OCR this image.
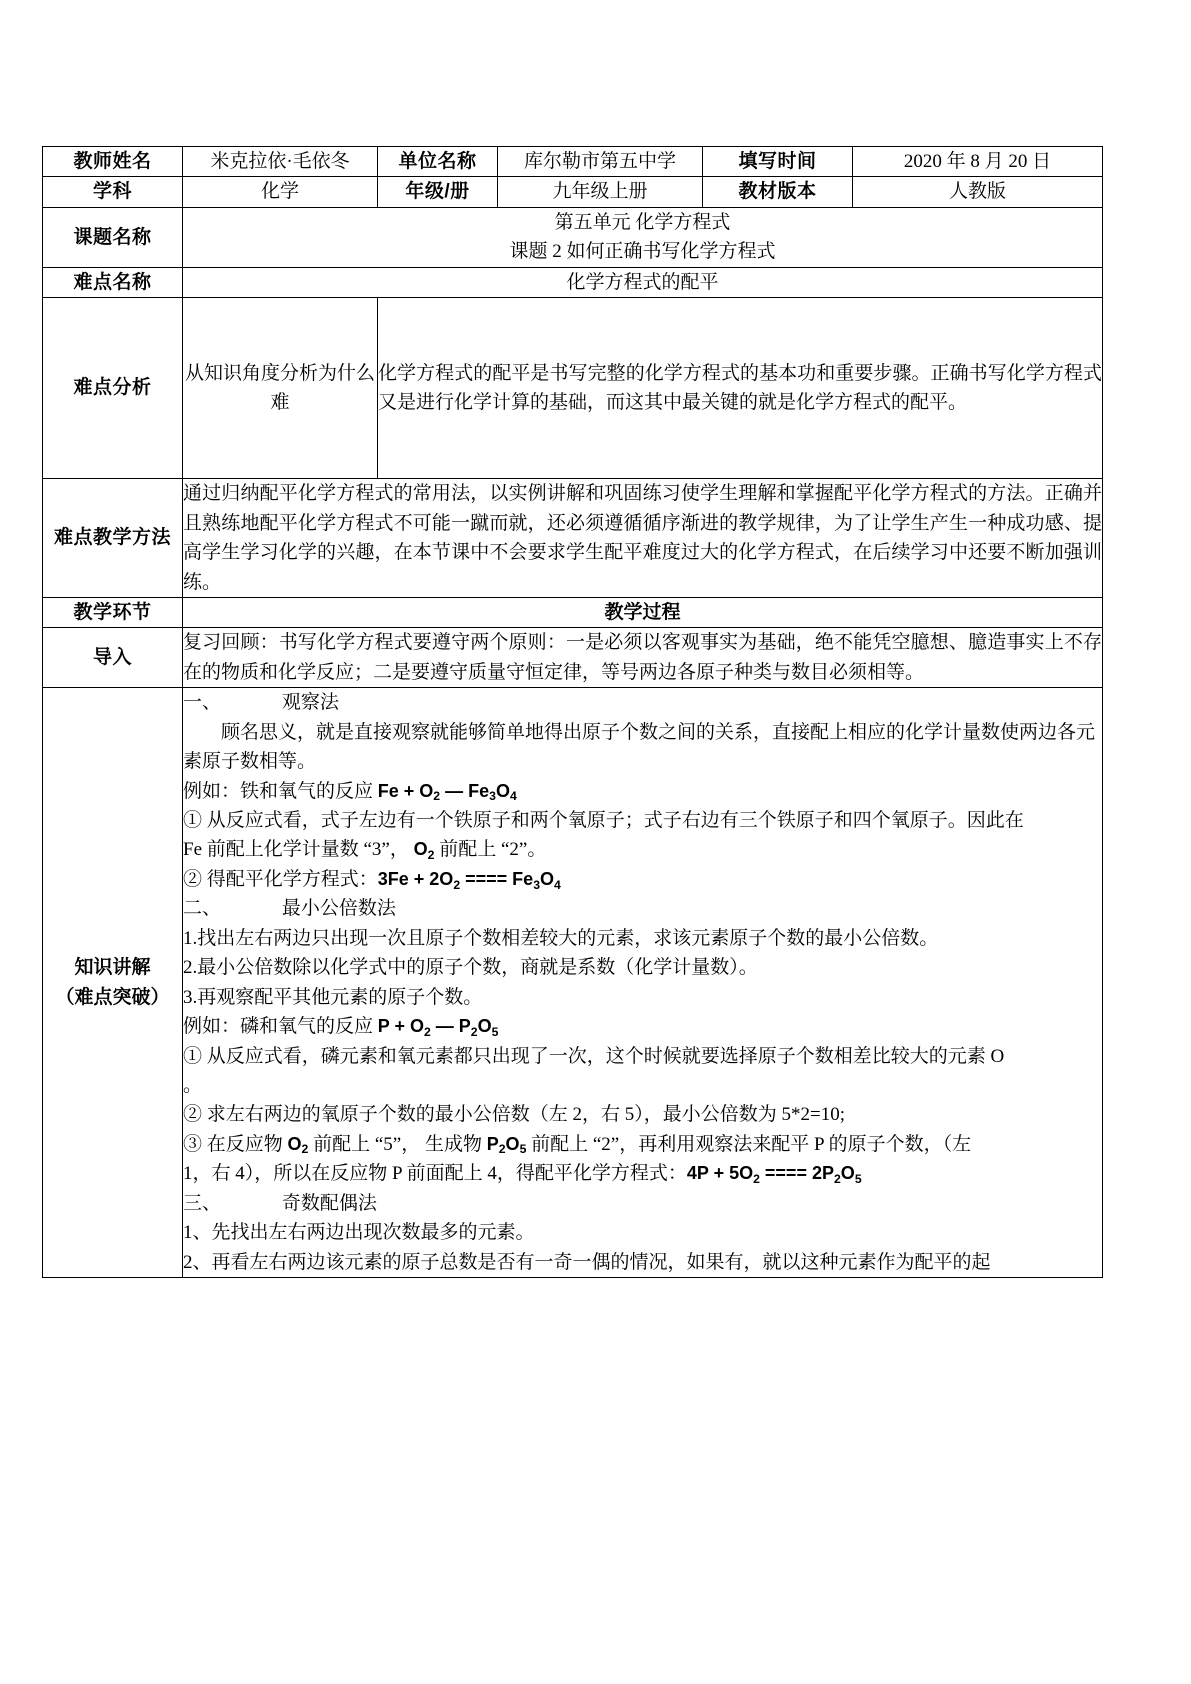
教师姓名	米克拉依·毛依冬	单位名称	库尔勒市第五中学	填写时间	2020 年 8 月 20 日
学科	化学	年级/册	九年级上册	教材版本	人教版
课题名称	第五单元 化学方程式
课题 2 如何正确书写化学方程式				

难点名称	化学方程式的配平				
难点分析	从知识角度分析为什么难	化学方程式的配平是书写完整的化学方程式的基本功和重要步骤。正确书写化学方程式又是进行化学计算的基础，而这其中最关键的就是化学方程式的配平。			
难点教学方法	通过归纳配平化学方程式的常用法，以实例讲解和巩固练习使学生理解和掌握配平化学方程式的方法。正确并且熟练地配平化学方程式不可能一蹴而就，还必须遵循循序渐进的教学规律，为了让学生产生一种成功感、提高学生学习化学的兴趣，在本节课中不会要求学生配平难度过大的化学方程式，在后续学习中还要不断加强训练。				
教学环节	教学过程				
导入	复习回顾：书写化学方程式要遵守两个原则：一是必须以客观事实为基础，绝不能凭空臆想、臆造事实上不存在的物质和化学反应；二是要遵守质量守恒定律，等号两边各原子种类与数目必须相等。				

知识讲解
（难点突破）

一、	观察法

顾名思义，就是直接观察就能够简单地得出原子个数之间的关系，直接配上相应的化学计量数使两边各元素原子数相等。

例如：铁和氧气的反应 $Fe + O_2$ — $Fe_3O_4$

① 从反应式看，式子左边有一个铁原子和两个氧原子；式子右边有三个铁原子和四个氧原子。因此在

Fe 前配上化学计量数 “3”， $O_2$ 前配上 “2”。

② 得配平化学方程式：$3Fe + 2O_2$ ==== $Fe_3O_4$

二、	最小公倍数法

1.找出左右两边只出现一次且原子个数相差较大的元素，求该元素原子个数的最小公倍数。

2.最小公倍数除以化学式中的原子个数，商就是系数（化学计量数）。

3.再观察配平其他元素的原子个数。

例如：磷和氧气的反应 $P + O_2$ — $P_2O_5$

① 从反应式看，磷元素和氧元素都只出现了一次，这个时候就要选择原子个数相差比较大的元素 O

。

② 求左右两边的氧原子个数的最小公倍数（左 2，右 5），最小公倍数为 5*2=10;

③ 在反应物 $O_2$ 前配上 “5”， 生成物 $P_2O_5$ 前配上 “2”，再利用观察法来配平 P 的原子个数，（左

1，右 4），所以在反应物 P 前面配上 4，得配平化学方程式：$4P + 5O_2$ ==== $2P_2O_5$

三、	奇数配偶法

1、先找出左右两边出现次数最多的元素。

2、再看左右两边该元素的原子总数是否有一奇一偶的情况，如果有，就以这种元素作为配平的起
